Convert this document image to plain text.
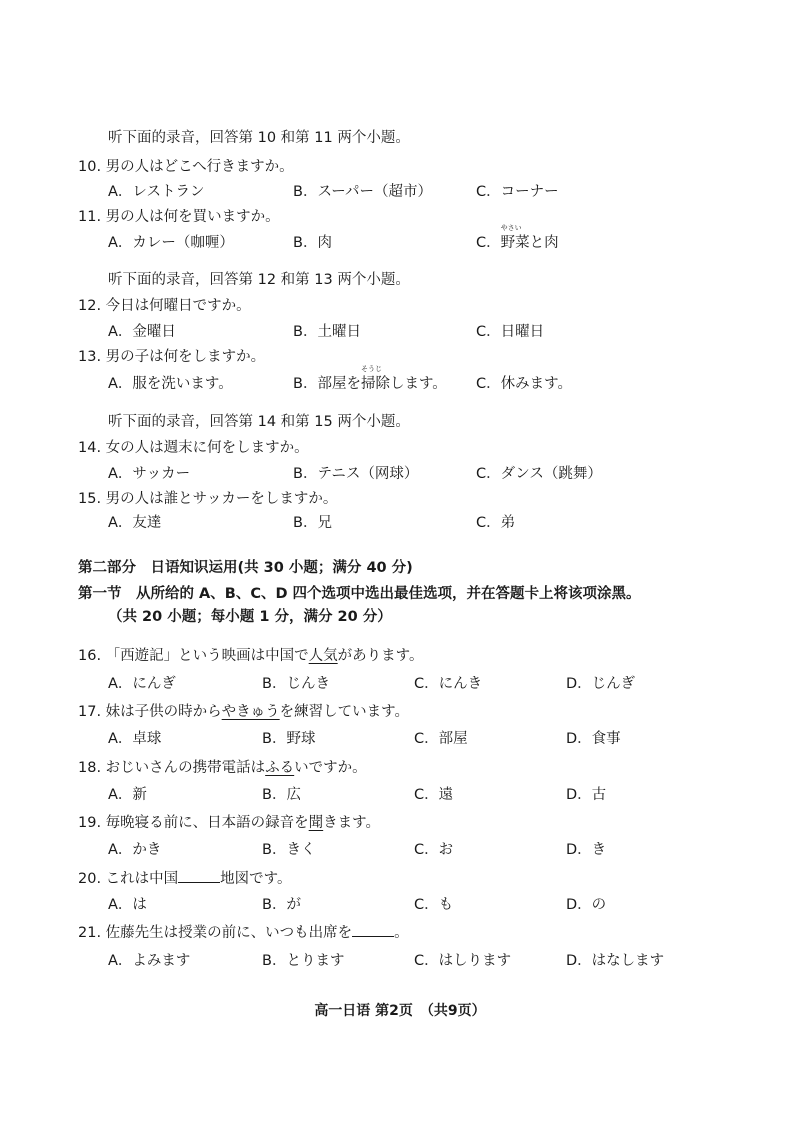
听下面的录音，回答第 10 和第 11 两个小题。
10. 男の人はどこへ行きますか。
A．レストラン	B．スーパー（超市）	C．コーナー
11. 男の人は何を買いますか。
A．カレー（咖喱）	B．肉	C．
やさい
野菜と肉
听下面的录音，回答第 12 和第 13 两个小题。
12. 今日は何曜日ですか。
A．金曜日	B．土曜日	C．日曜日
13. 男の子は何をしますか。
A．服を洗います。	B．部屋を
そうじ
掃除します。 C．休みます。
听下面的录音，回答第 14 和第 15 两个小题。
14. 女の人は週末に何をしますか。
A．サッカー	B．テニス（网球）	C．ダンス（跳舞）
15. 男の人は誰とサッカーをしますか。
A．友達	B．兄	C．弟
第二部分　日语知识运用(共 30 小题；满分 40 分)
第一节　从所给的 A、B、C、D 四个选项中选出最佳选项，并在答题卡上将该项涂黑。
（共 20 小题；每小题 1 分，满分 20 分）
16. 「西遊記」という映画は中国で人気があります。
A．にんぎ	B．じんき	C．にんき	D．じんぎ
17. 妹は子供の時からやきゅうを練習しています。
A．卓球	B．野球	C．部屋	D．食事
18. おじいさんの携帯電話はふるいですか。
A．新	B．広	C．遠	D．古
19. 毎晩寝る前に、日本語の録音を聞きます。
A．かき	B．きく	C．お	D．き
20. これは中国	地図です。
A．は	B．が	C．も	D．の
21. 佐藤先生は授業の前に、いつも出席を	。
A．よみます	B．とります	C．はしります	D．はなします
高一日语 第2页　（共9页）
